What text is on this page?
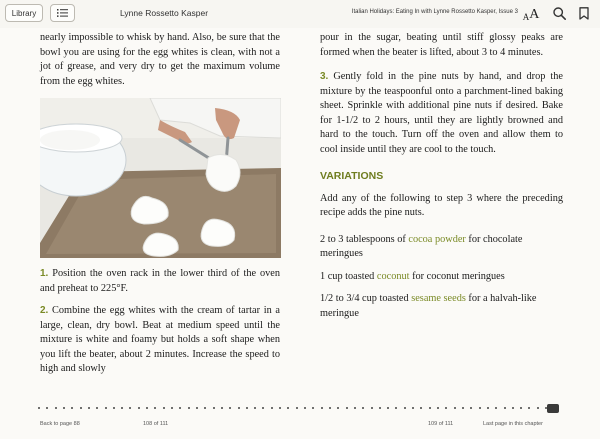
Library	Lynne Rossetto Kasper	Italian Holidays: Eating In with Lynne Rossetto Kasper, Issue 3 A A

nearly impossible to whisk by hand. Also, be sure that the bowl you are using for the egg whites is clean, with not a jot of grease, and very dry to get the maximum volume from the egg whites.

1. Position the oven rack in the lower third of the oven and preheat to 225°F.

2. Combine the egg whites with the cream of tartar in a large, clean, dry bowl. Beat at medium speed until the mixture is white and foamy but holds a soft shape when you lift the beater, about 2 minutes. Increase the speed to high and slowly

pour in the sugar, beating until stiff glossy peaks are formed when the beater is lifted, about 3 to 4 minutes.

3. Gently fold in the pine nuts by hand, and drop the mixture by the teaspoonful onto a parchment-lined baking sheet. Sprinkle with additional pine nuts if desired. Bake for 1-1/2 to 2 hours, until they are lightly browned and hard to the touch. Turn off the oven and allow them to cool inside until they are cool to the touch.

VARIATIONS

Add any of the following to step 3 where the preceding recipe adds the pine nuts.

2 to 3 tablespoons of cocoa powder for chocolate meringues

1 cup toasted coconut for coconut meringues

1/2 to 3/4 cup toasted sesame seeds for a halvah-like meringue

Back to page 88	108 of 111	109 of 111	Last page in this chapter
